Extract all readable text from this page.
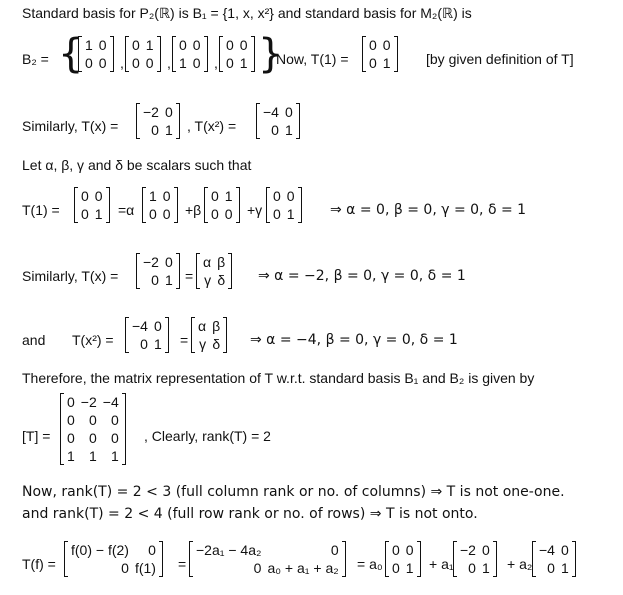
Standard basis for P₂(ℝ) is B₁ = {1, x, x²} and standard basis for M₂(ℝ) is
B₂ = { 1	0
0	0 ,
0	1
0	0 ,
0	0
1	0 ,
0	0
0	1 }
Now, T(1) =
0	0
0	1	[by given definition of T]
Similarly, T(x) =
−2	0
0	1 , T(x²) =
−4	0
0	1
Let α, β, γ and δ be scalars such that
T(1) =
0	0
0	1 =α
1	0
0	0 +β
0	1
0	0 +γ
0	0
0	1	⇒ α = 0, β = 0, γ = 0, δ = 1
Similarly, T(x) =
−2	0
0	1 =
α	β
γ	δ ⇒ α = −2, β = 0, γ = 0, δ = 1
and T(x²) =
−4	0
0	1 =
α	β
γ	δ ⇒ α = −4, β = 0, γ = 0, δ = 1
Therefore, the matrix representation of T w.r.t. standard basis B₁ and B₂ is given by
[T] =
0	−2	−4
0	0	0
0	0	0
1	1	1
, Clearly, rank(T) = 2
Now, rank(T) = 2 < 3 (full column rank or no. of columns) ⇒ T is not one-one.
and rank(T) = 2 < 4 (full row rank or no. of rows) ⇒ T is not onto.
T(f) =
f(0) − f(2)	0
0	f(1) =
−2a₁ − 4a₂	0
0	a₀ + a₁ + a₂ = a₀
0	0
0	1 + a₁
−2	0
0	1 + a₂
−4	0
0	1
